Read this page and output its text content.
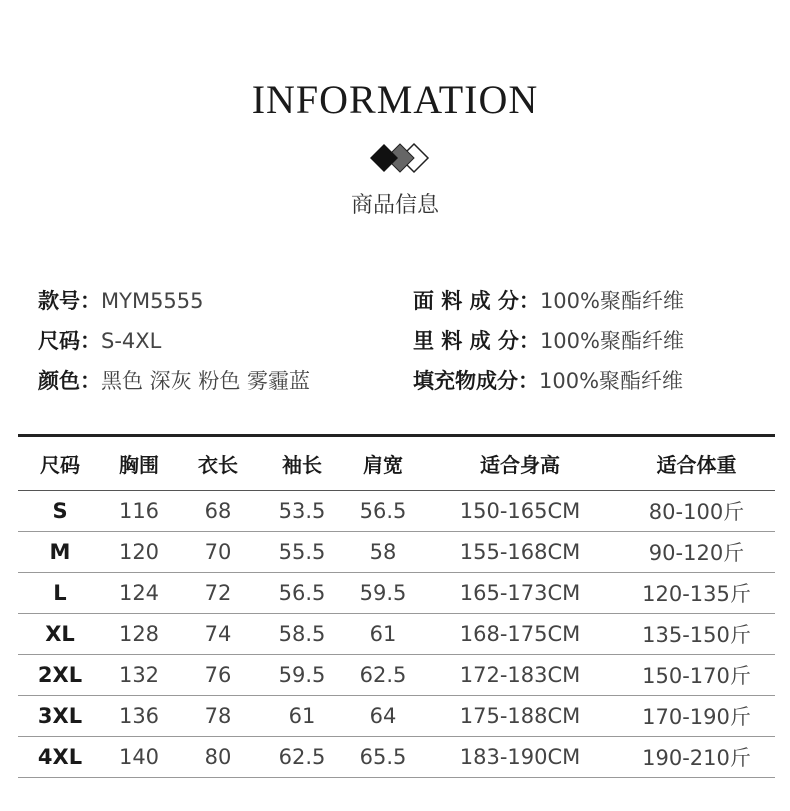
INFORMATION
商品信息
款号：MYM5555
尺码：S-4XL
颜色：黑色 深灰 粉色 雾霾蓝
面 料 成 分：100%聚酯纤维
里 料 成 分：100%聚酯纤维
填充物成分：100%聚酯纤维
尺码	胸围	衣长	袖长	肩宽	适合身高	适合体重
S	116	68	53.5	56.5	150-165CM	80-100斤
M	120	70	55.5	58	155-168CM	90-120斤
L	124	72	56.5	59.5	165-173CM	120-135斤
XL	128	74	58.5	61	168-175CM	135-150斤
2XL	132	76	59.5	62.5	172-183CM	150-170斤
3XL	136	78	61	64	175-188CM	170-190斤
4XL	140	80	62.5	65.5	183-190CM	190-210斤
